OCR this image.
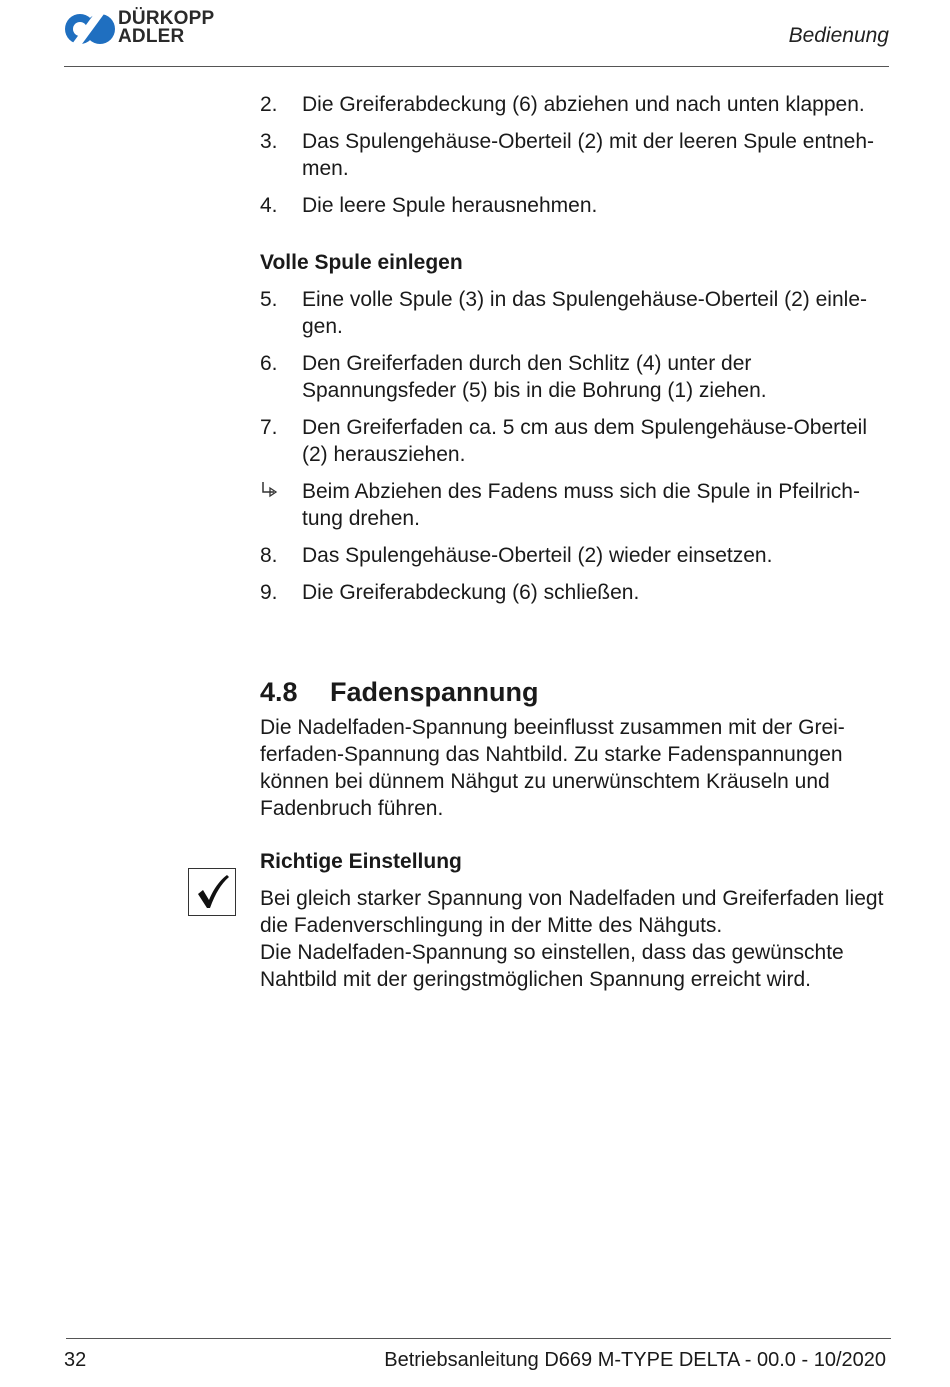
DÜRKOPP
ADLER	Bedienung
2.	Die Greiferabdeckung (6) abziehen und nach unten klappen.
3.	Das Spulengehäuse-Oberteil (2) mit der leeren Spule entneh-men.
4.	Die leere Spule herausnehmen.
Volle Spule einlegen
5.	Eine volle Spule (3) in das Spulengehäuse-Oberteil (2) einle-gen.
6.	Den Greiferfaden durch den Schlitz (4) unter der Spannungsfeder (5) bis in die Bohrung (1) ziehen.
7.	Den Greiferfaden ca. 5 cm aus dem Spulengehäuse-Oberteil (2) herausziehen.
Beim Abziehen des Fadens muss sich die Spule in Pfeilrich-tung drehen.
8.	Das Spulengehäuse-Oberteil (2) wieder einsetzen.
9.	Die Greiferabdeckung (6) schließen.
4.8	Fadenspannung

Die Nadelfaden-Spannung beeinflusst zusammen mit der Grei-ferfaden-Spannung das Nahtbild. Zu starke Fadenspannungen können bei dünnem Nähgut zu unerwünschtem Kräuseln und Fadenbruch führen.

Richtige Einstellung

Bei gleich starker Spannung von Nadelfaden und Greiferfaden liegt die Fadenverschlingung in der Mitte des Nähguts.

Die Nadelfaden-Spannung so einstellen, dass das gewünschte Nahtbild mit der geringstmöglichen Spannung erreicht wird.

32	Betriebsanleitung D669 M-TYPE DELTA - 00.0 - 10/2020
